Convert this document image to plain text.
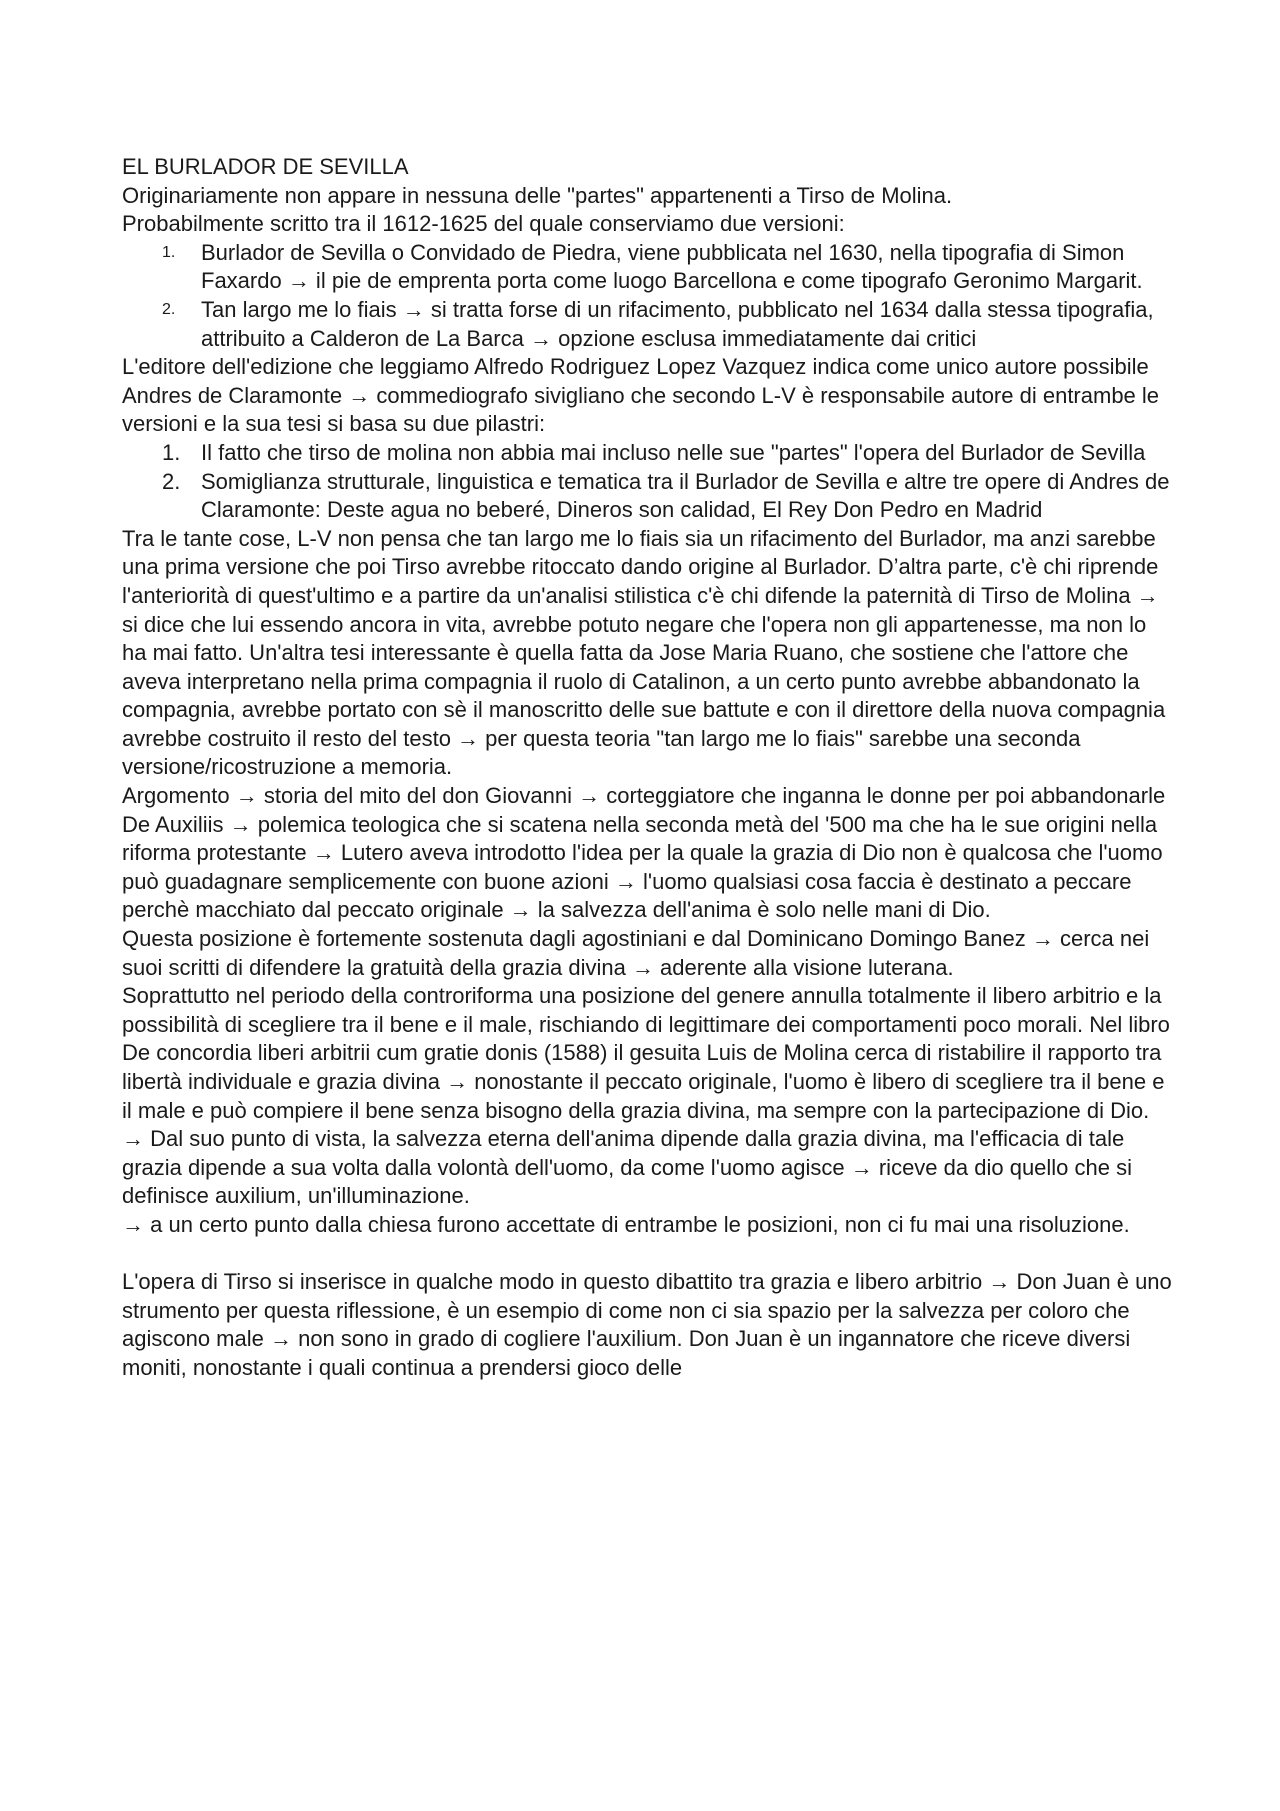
EL BURLADOR DE SEVILLA

Originariamente non appare in nessuna delle "partes" appartenenti a Tirso de Molina.

Probabilmente scritto tra il 1612-1625 del quale conserviamo due versioni:

1. Burlador de Sevilla o Convidado de Piedra, viene pubblicata nel 1630, nella tipografia di Simon Faxardo → il pie de emprenta porta come luogo Barcellona e come tipografo Geronimo Margarit.
2. Tan largo me lo fiais → si tratta forse di un rifacimento, pubblicato nel 1634 dalla stessa tipografia, attribuito a Calderon de La Barca → opzione esclusa immediatamente dai critici

L'editore dell'edizione che leggiamo Alfredo Rodriguez Lopez Vazquez indica come unico autore possibile Andres de Claramonte → commediografo sivigliano che secondo L-V è responsabile autore di entrambe le versioni e la sua tesi si basa su due pilastri:

1. Il fatto che tirso de molina non abbia mai incluso nelle sue "partes" l'opera del Burlador de Sevilla
2. Somiglianza strutturale, linguistica e tematica tra il Burlador de Sevilla e altre tre opere di Andres de Claramonte: Deste agua no beberé, Dineros son calidad, El Rey Don Pedro en Madrid

Tra le tante cose, L-V non pensa che tan largo me lo fiais sia un rifacimento del Burlador, ma anzi sarebbe una prima versione che poi Tirso avrebbe ritoccato dando origine al Burlador. D’altra parte, c'è chi riprende l'anteriorità di quest'ultimo e a partire da un'analisi stilistica c'è chi difende la paternità di Tirso de Molina → si dice che lui essendo ancora in vita, avrebbe potuto negare che l'opera non gli appartenesse, ma non lo ha mai fatto. Un'altra tesi interessante è quella fatta da Jose Maria Ruano, che sostiene che l'attore che aveva interpretano nella prima compagnia il ruolo di Catalinon, a un certo punto avrebbe abbandonato la compagnia, avrebbe portato con sè il manoscritto delle sue battute e con il direttore della nuova compagnia avrebbe costruito il resto del testo → per questa teoria "tan largo me lo fiais" sarebbe una seconda versione/ricostruzione a memoria.

Argomento → storia del mito del don Giovanni → corteggiatore che inganna le donne per poi abbandonarle

De Auxiliis → polemica teologica che si scatena nella seconda metà del '500 ma che ha le sue origini nella riforma protestante → Lutero aveva introdotto l'idea per la quale la grazia di Dio non è qualcosa che l'uomo può guadagnare semplicemente con buone azioni → l'uomo qualsiasi cosa faccia è destinato a peccare perchè macchiato dal peccato originale → la salvezza dell'anima è solo nelle mani di Dio.

Questa posizione è fortemente sostenuta dagli agostiniani e dal Dominicano Domingo Banez → cerca nei suoi scritti di difendere la gratuità della grazia divina → aderente alla visione luterana.

Soprattutto nel periodo della controriforma una posizione del genere annulla totalmente il libero arbitrio e la possibilità di scegliere tra il bene e il male, rischiando di legittimare dei comportamenti poco morali. Nel libro De concordia liberi arbitrii cum gratie donis (1588) il gesuita Luis de Molina cerca di ristabilire il rapporto tra libertà individuale e grazia divina → nonostante il peccato originale, l'uomo è libero di scegliere tra il bene e il male e può compiere il bene senza bisogno della grazia divina, ma sempre con la partecipazione di Dio. → Dal suo punto di vista, la salvezza eterna dell'anima dipende dalla grazia divina, ma l'efficacia di tale grazia dipende a sua volta dalla volontà dell'uomo, da come l'uomo agisce → riceve da dio quello che si definisce auxilium, un'illuminazione.

→ a un certo punto dalla chiesa furono accettate di entrambe le posizioni, non ci fu mai una risoluzione.

L'opera di Tirso si inserisce in qualche modo in questo dibattito tra grazia e libero arbitrio → Don Juan è uno strumento per questa riflessione, è un esempio di come non ci sia spazio per la salvezza per coloro che agiscono male → non sono in grado di cogliere l'auxilium. Don Juan è un ingannatore che riceve diversi moniti, nonostante i quali continua a prendersi gioco delle
